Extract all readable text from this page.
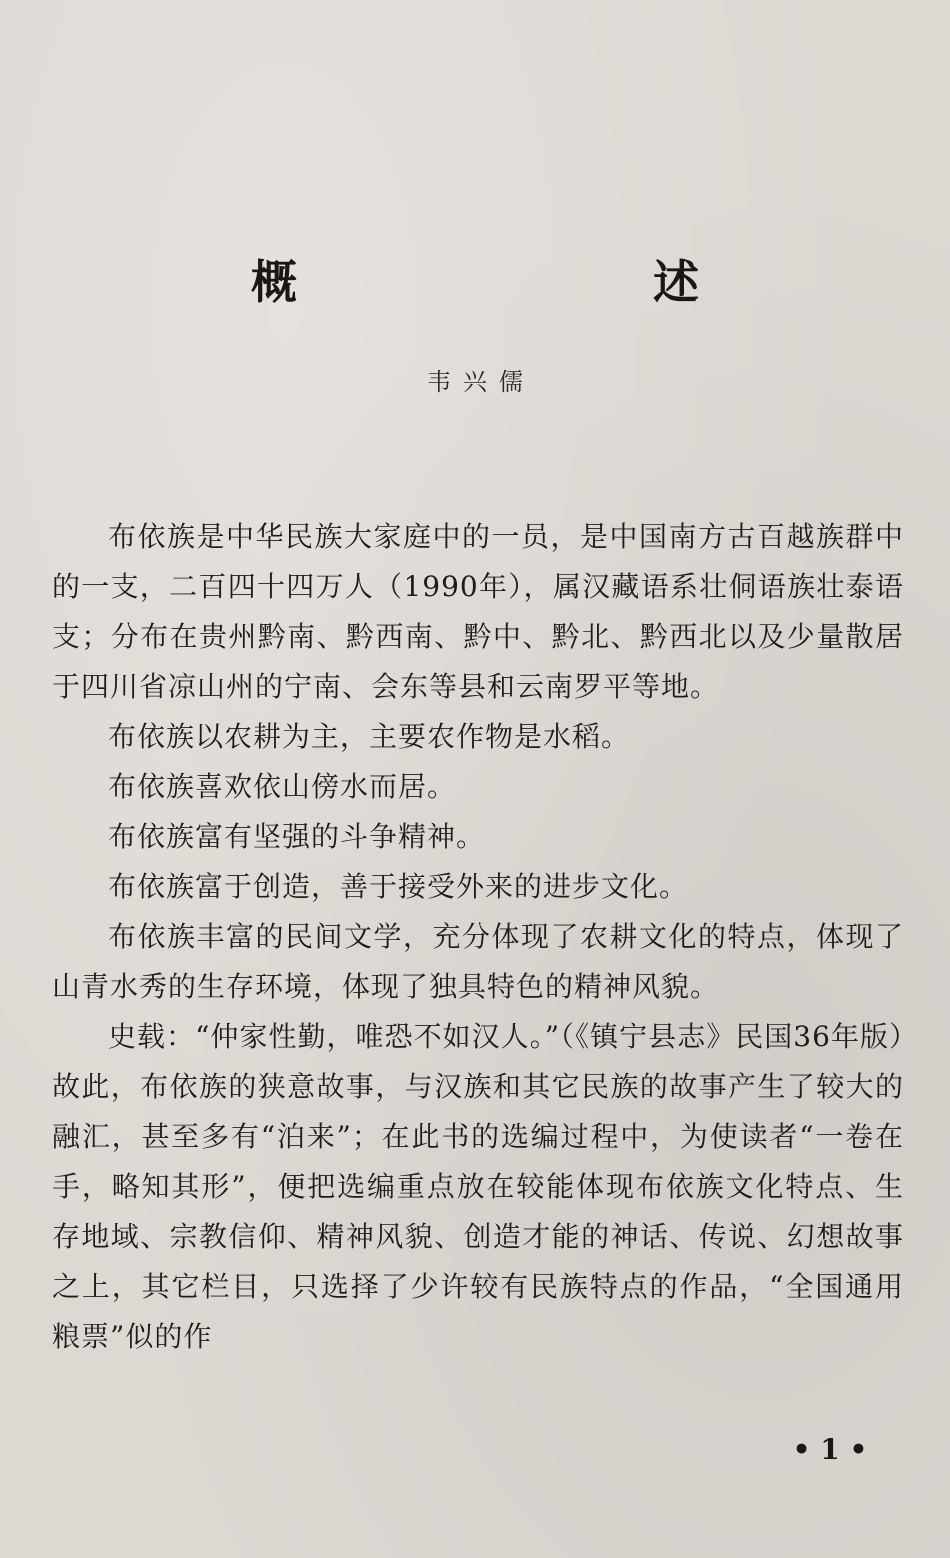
概 述
韦兴儒

布依族是中华民族大家庭中的一员，是中国南方古百越族群中的一支，二百四十四万人（1990年），属汉藏语系壮侗语族壮泰语支；分布在贵州黔南、黔西南、黔中、黔北、黔西北以及少量散居于四川省凉山州的宁南、会东等县和云南罗平等地。

布依族以农耕为主，主要农作物是水稻。

布依族喜欢依山傍水而居。

布依族富有坚强的斗争精神。

布依族富于创造，善于接受外来的进步文化。

布依族丰富的民间文学，充分体现了农耕文化的特点，体现了山青水秀的生存环境，体现了独具特色的精神风貌。

史载：“仲家性勤，唯恐不如汉人。”（《镇宁县志》民国36年版）故此，布依族的狭意故事，与汉族和其它民族的故事产生了较大的融汇，甚至多有“泊来”；在此书的选编过程中，为使读者“一卷在手，略知其形”，便把选编重点放在较能体现布依族文化特点、生存地域、宗教信仰、精神风貌、创造才能的神话、传说、幻想故事之上，其它栏目，只选择了少许较有民族特点的作品，“全国通用粮票”似的作

• 1 •
